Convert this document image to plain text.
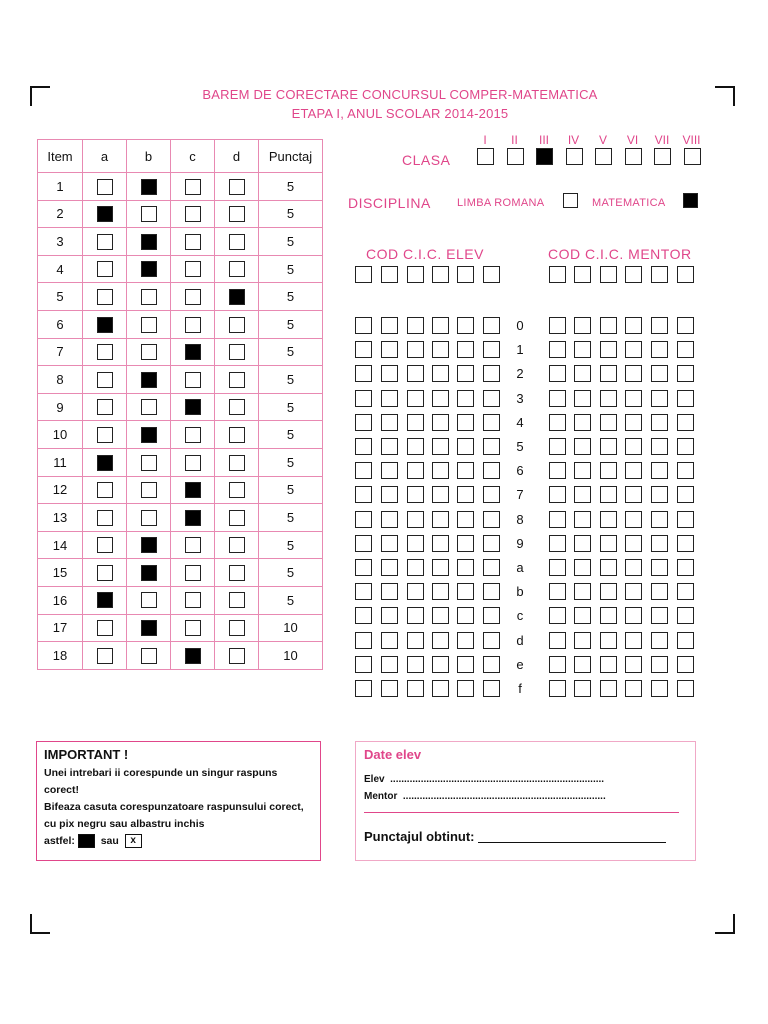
BAREM DE CORECTARE CONCURSUL COMPER-MATEMATICA
ETAPA I, ANUL SCOLAR 2014-2015
Item	a	b	c	d	Punctaj
1					5
2					5
3					5
4					5
5					5
6					5
7					5
8					5
9					5
10					5
11					5
12					5
13					5
14					5
15					5
16					5
17					10
18					10
CLASA
I	II	III	IV	V	VI	VII	VIII
DISCIPLINA LIMBA ROMANA	MATEMATICA
COD C.I.C. ELEV	COD C.I.C. MENTOR
0
1
2
3
4
5
6
7
8
9
a
b
c
d
e
f
IMPORTANT !
Unei intrebari ii corespunde un singur raspuns corect!
Bifeaza casuta corespunzatoare raspunsului corect, cu pix negru sau albastru inchis
astfel: sau x
Date elev
Elev  .............................................................................
Mentor  .........................................................................
Punctajul obtinut:
